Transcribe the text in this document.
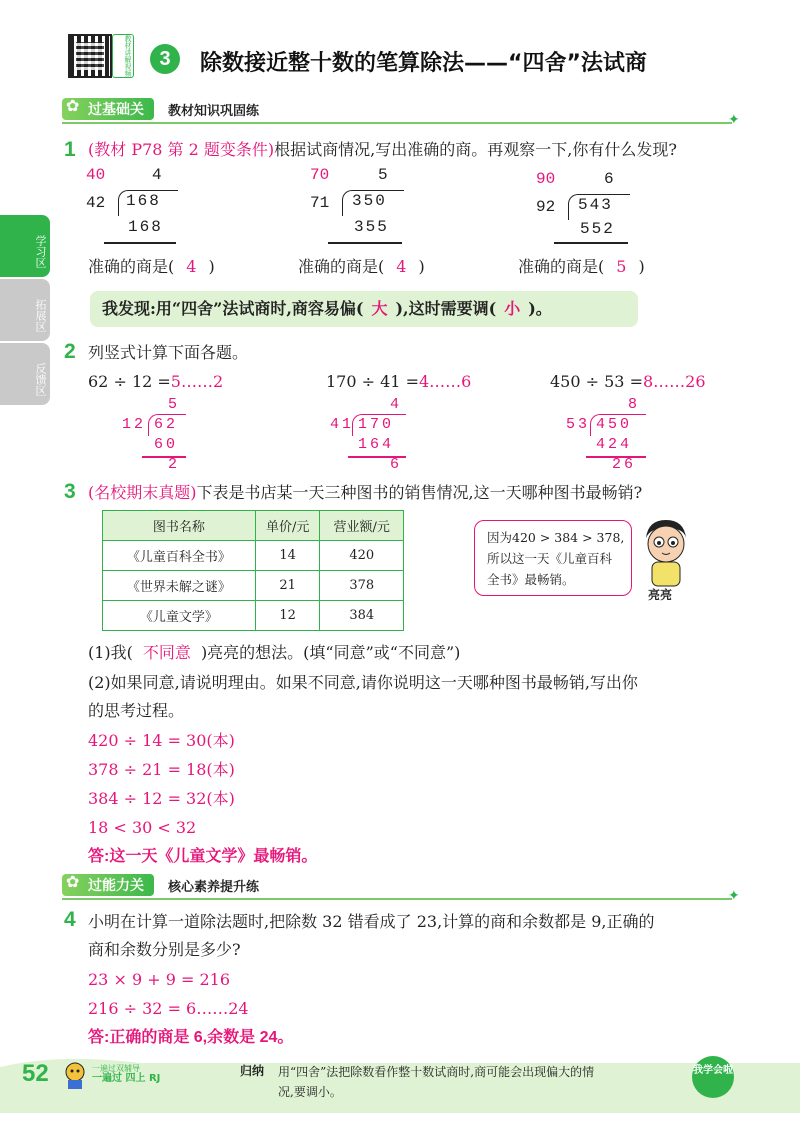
教材讲解视频	3	除数接近整十数的笔算除法——“四舍”法试商
学习区
拓展区
反馈区
✿ 过基础关	教材知识巩固练
✦
1 (教材 P78 第 2 题变条件)根据试商情况,写出准确的商。再观察一下,你有什么发现?
40	4
42 168
168
准确的商是( 4 )
70	5
71 350
355
准确的商是( 4 )
90	6
92 543
552
准确的商是( 5 )
我发现:用“四舍”法试商时,商容易偏( 大 ),这时需要调( 小 )。
2 列竖式计算下面各题。
62 ÷ 12 =5……2	170 ÷ 41 =4……6	450 ÷ 53 =8……26
5
12 62
60
2
4
41 170
164
6
8
53 450
424
26
3 (名校期末真题)下表是书店某一天三种图书的销售情况,这一天哪种图书最畅销?
图书名称	单价/元	营业额/元
《儿童百科全书》	14	420
《世界未解之谜》	21	378
《儿童文学》	12	384
因为420 > 384 > 378,
所以这一天《儿童百科
全书》最畅销。
亮亮
(1)我( 不同意 )亮亮的想法。(填“同意”或“不同意”)
(2)如果同意,请说明理由。如果不同意,请你说明这一天哪种图书最畅销,写出你
的思考过程。
420 ÷ 14 = 30(本)
378 ÷ 21 = 18(本)
384 ÷ 12 = 32(本)
18 < 30 < 32
答:这一天《儿童文学》最畅销。
✿ 过能力关	核心素养提升练
✦
4 小明在计算一道除法题时,把除数 32 错看成了 23,计算的商和余数都是 9,正确的
商和余数分别是多少?
23 × 9 + 9 = 216
216 ÷ 32 = 6……24
答:正确的商是 6,余数是 24。
52	一遍过双辅导
一遍过 四上 RJ
归纳 用“四舍”法把除数看作整十数试商时,商可能会出现偏大的情
况,要调小。
我学会啦
